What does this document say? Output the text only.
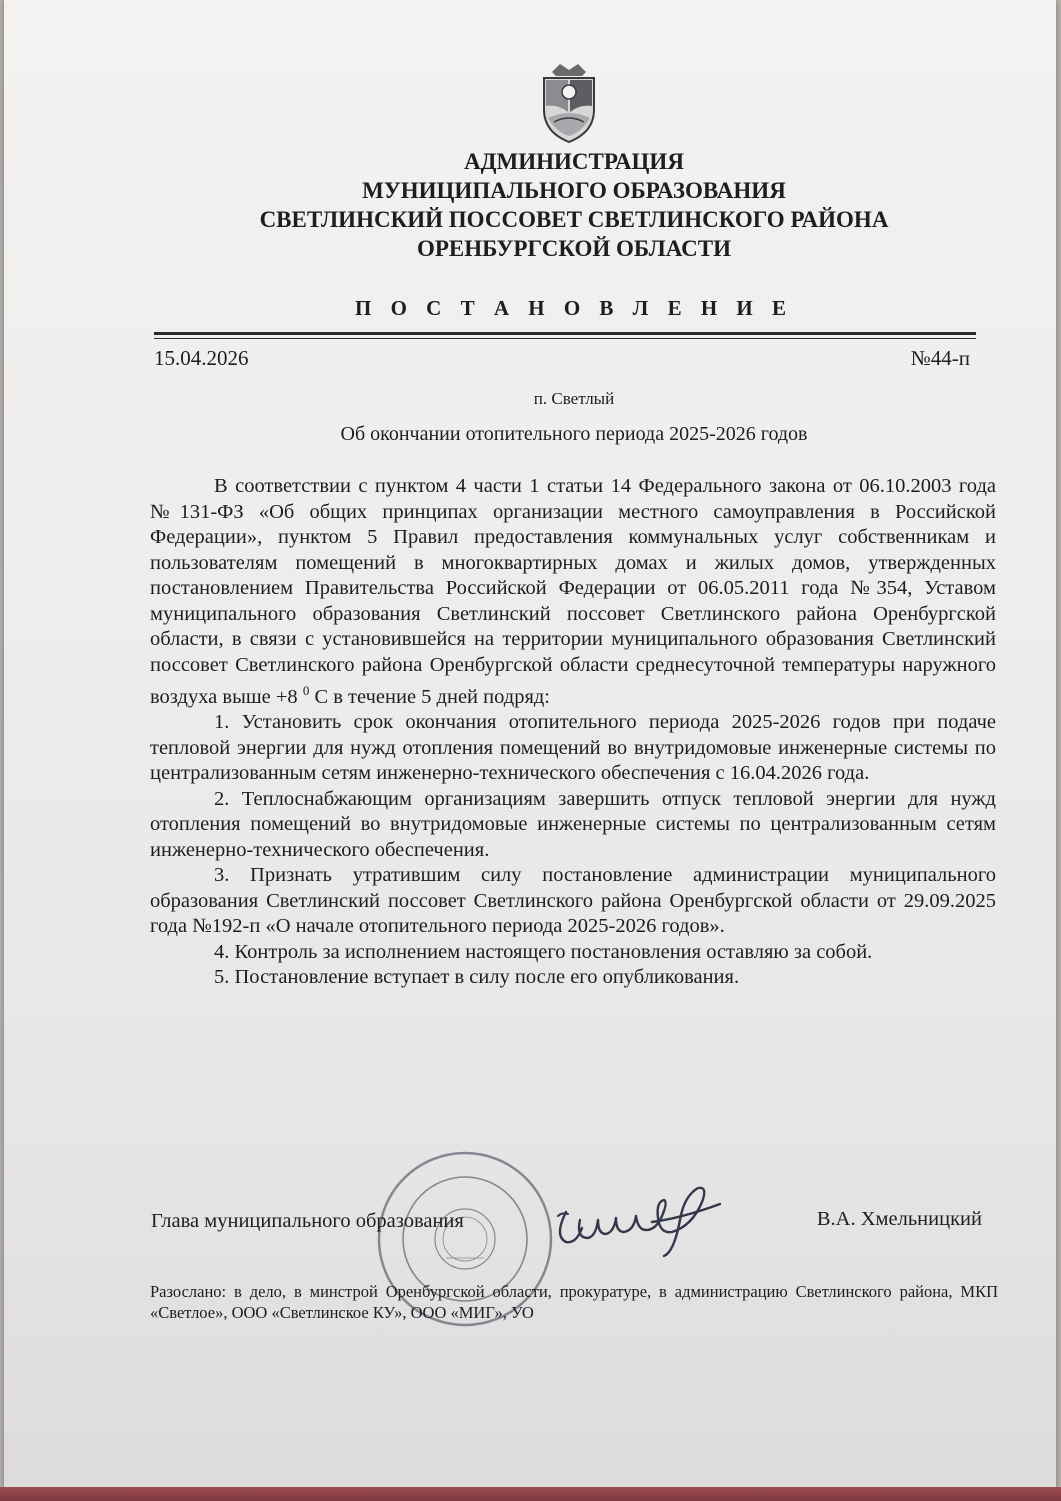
АДМИНИСТРАЦИЯ
МУНИЦИПАЛЬНОГО ОБРАЗОВАНИЯ
СВЕТЛИНСКИЙ ПОССОВЕТ СВЕТЛИНСКОГО РАЙОНА
ОРЕНБУРГСКОЙ ОБЛАСТИ
П О С Т А Н О В Л Е Н И Е
15.04.2026	№44-п
п. Светлый
Об окончании отопительного периода 2025-2026 годов

В соответствии с пунктом 4 части 1 статьи 14 Федерального закона от 06.10.2003 года №131-ФЗ «Об общих принципах организации местного самоуправления в Российской Федерации», пунктом 5 Правил предоставления коммунальных услуг собственникам и пользователям помещений в многоквартирных домах и жилых домов, утвержденных постановлением Правительства Российской Федерации от 06.05.2011 года №354, Уставом муниципального образования Светлинский поссовет Светлинского района Оренбургской области, в связи с установившейся на территории муниципального образования Светлинский поссовет Светлинского района Оренбургской области среднесуточной температуры наружного воздуха выше +8 $^0$ С в течение 5 дней подряд:

1. Установить срок окончания отопительного периода 2025-2026 годов при подаче тепловой энергии для нужд отопления помещений во внутридомовые инженерные системы по централизованным сетям инженерно-технического обеспечения с 16.04.2026 года.

2. Теплоснабжающим организациям завершить отпуск тепловой энергии для нужд отопления помещений во внутридомовые инженерные системы по централизованным сетям инженерно-технического обеспечения.

3. Признать утратившим силу постановление администрации муниципального образования Светлинский поссовет Светлинского района Оренбургской области от 29.09.2025 года №192-п «О начале отопительного периода 2025-2026 годов».

4. Контроль за исполнением настоящего постановления оставляю за собой.

5. Постановление вступает в силу после его опубликования.

Глава муниципального образования	В.А. Хмельницкий
Разослано: в дело, в минстрой Оренбургской области, прокуратуре, в администрацию Светлинского района, МКП «Светлое», ООО «Светлинское КУ», ООО «МИГ», УО
